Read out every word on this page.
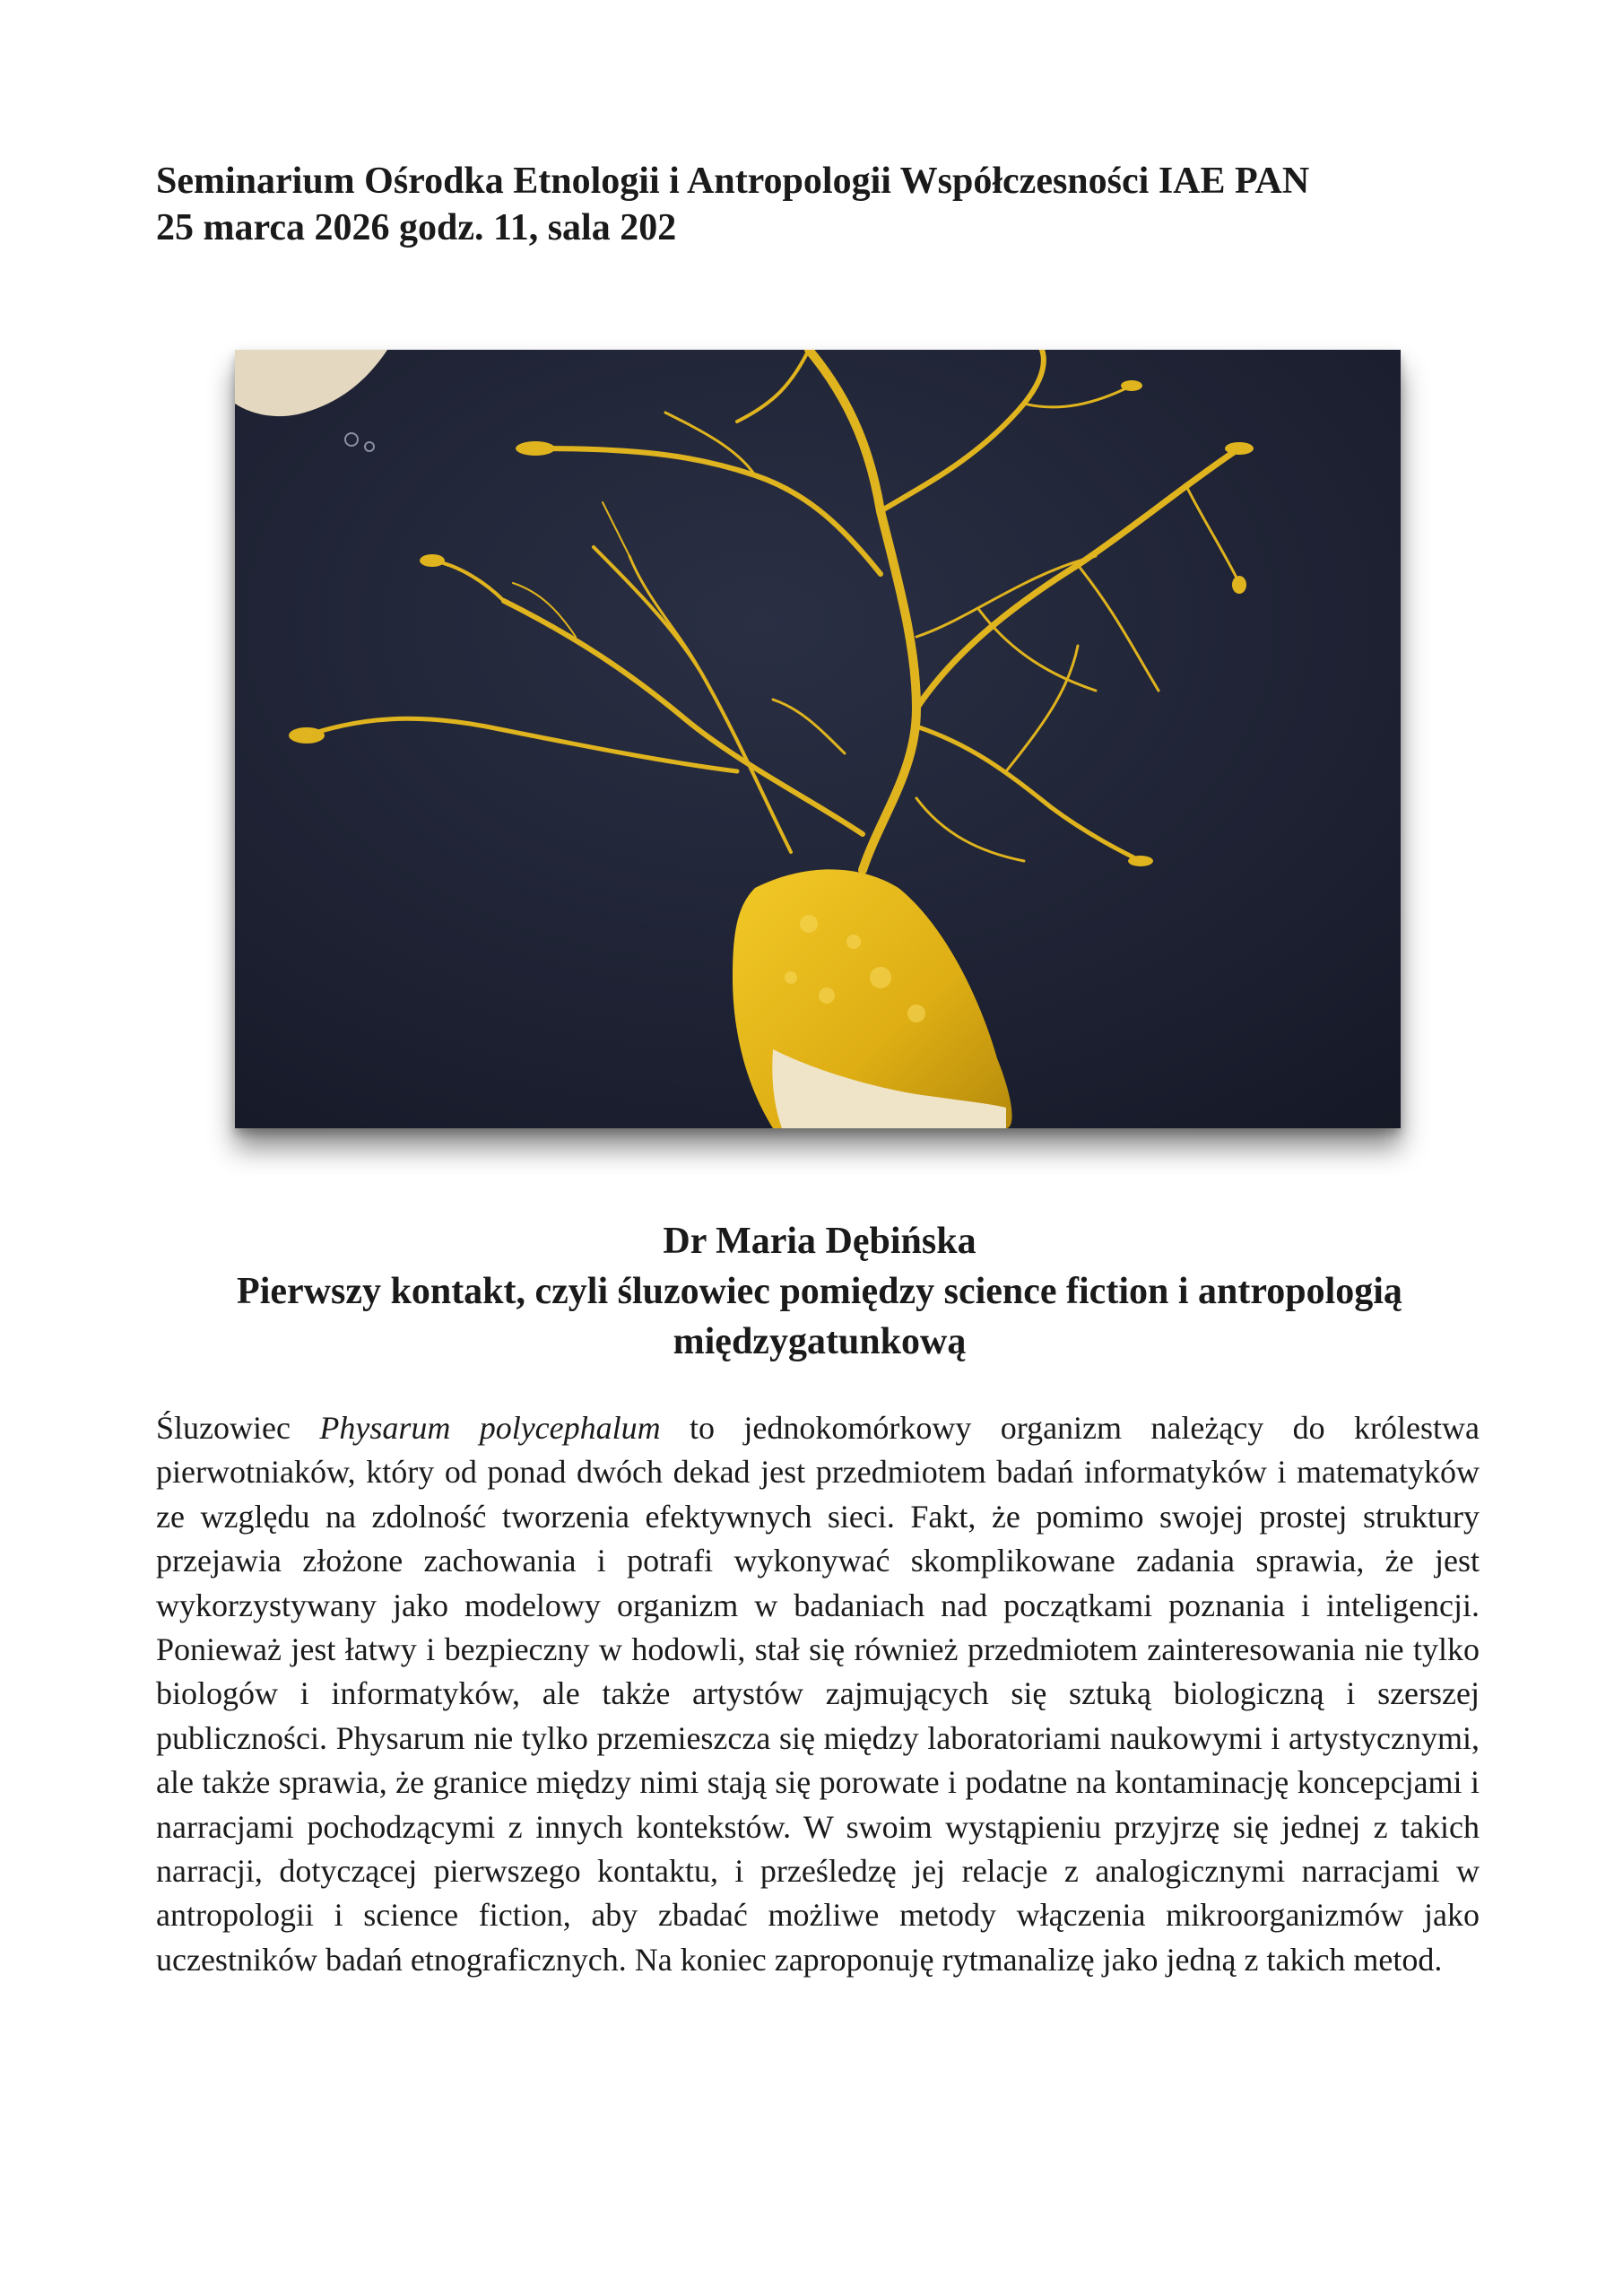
Seminarium Ośrodka Etnologii i Antropologii Współczesności IAE PAN
25 marca 2026 godz. 11, sala 202
Dr Maria Dębińska
Pierwszy kontakt, czyli śluzowiec pomiędzy science fiction i antropologią
międzygatunkową
Śluzowiec Physarum polycephalum to jednokomórkowy organizm należący do królestwa pierwotniaków, który od ponad dwóch dekad jest przedmiotem badań informatyków i matematyków ze względu na zdolność tworzenia efektywnych sieci. Fakt, że pomimo swojej prostej struktury przejawia złożone zachowania i potrafi wykonywać skomplikowane zadania sprawia, że jest wykorzystywany jako modelowy organizm w badaniach nad początkami poznania i inteligencji. Ponieważ jest łatwy i bezpieczny w hodowli, stał się również przedmiotem zainteresowania nie tylko biologów i informatyków, ale także artystów zajmujących się sztuką biologiczną i szerszej publiczności. Physarum nie tylko przemieszcza się między laboratoriami naukowymi i artystycznymi, ale także sprawia, że granice między nimi stają się porowate i podatne na kontaminację koncepcjami i narracjami pochodzącymi z innych kontekstów. W swoim wystąpieniu przyjrzę się jednej z takich narracji, dotyczącej pierwszego kontaktu, i prześledzę jej relacje z analogicznymi narracjami w antropologii i science fiction, aby zbadać możliwe metody włączenia mikroorganizmów jako uczestników badań etnograficznych. Na koniec zaproponuję rytmanalizę jako jedną z takich metod.
